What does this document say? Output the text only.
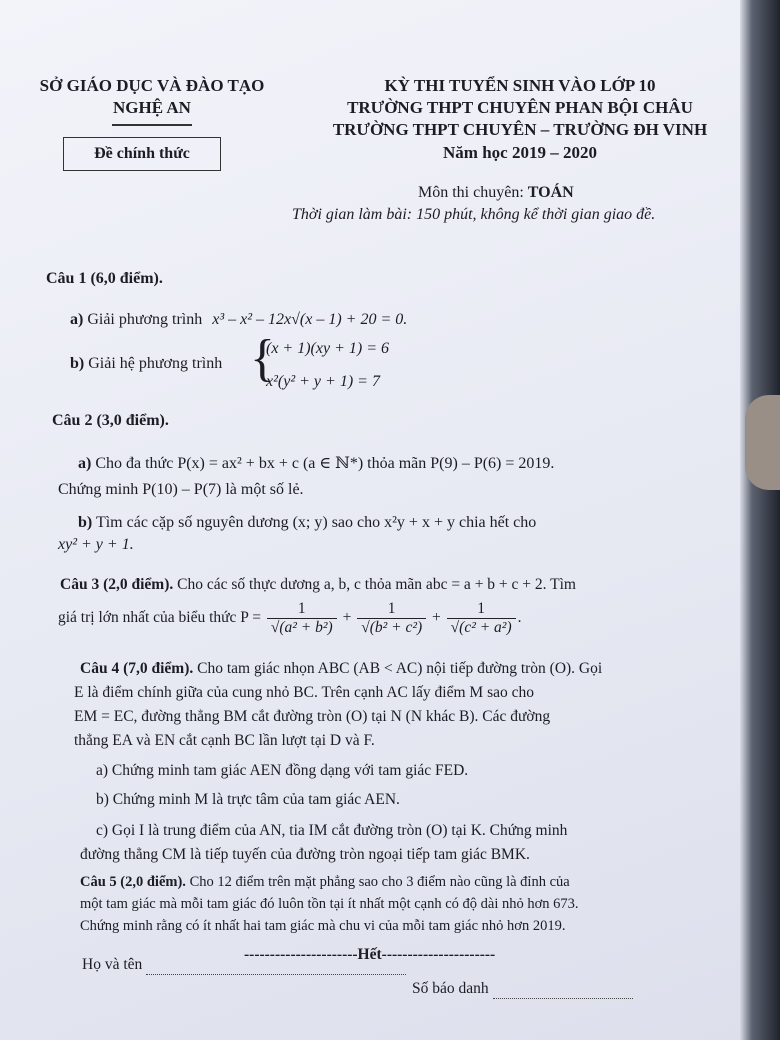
SỞ GIÁO DỤC VÀ ĐÀO TẠO
NGHỆ AN
Đề chính thức
KỲ THI TUYỂN SINH VÀO LỚP 10
TRƯỜNG THPT CHUYÊN PHAN BỘI CHÂU
TRƯỜNG THPT CHUYÊN – TRƯỜNG ĐH VINH
Năm học 2019 – 2020
Môn thi chuyên: TOÁN
Thời gian làm bài: 150 phút, không kể thời gian giao đề.
Câu 1 (6,0 điểm).
a) Giải phương trình x³ – x² – 12x√(x – 1) + 20 = 0.
b) Giải hệ phương trình {
(x + 1)(xy + 1) = 6
x²(y² + y + 1) = 7
Câu 2 (3,0 điểm).
a) Cho đa thức P(x) = ax² + bx + c (a ∈ ℕ*) thỏa mãn P(9) – P(6) = 2019.
Chứng minh P(10) – P(7) là một số lẻ.
b) Tìm các cặp số nguyên dương (x; y) sao cho x²y + x + y chia hết cho
xy² + y + 1.
Câu 3 (2,0 điểm). Cho các số thực dương a, b, c thỏa mãn abc = a + b + c + 2. Tìm
giá trị lớn nhất của biểu thức $P = \frac{1}{\text{√(a² + b²)}} + \frac{1}{\text{√(b² + c²)}} + \frac{1}{\text{√(c² + a²)}}$ .
Câu 4 (7,0 điểm). Cho tam giác nhọn ABC (AB < AC) nội tiếp đường tròn (O). Gọi
E là điểm chính giữa của cung nhỏ BC. Trên cạnh AC lấy điểm M sao cho
EM = EC, đường thẳng BM cắt đường tròn (O) tại N (N khác B). Các đường
thẳng EA và EN cắt cạnh BC lần lượt tại D và F.
a) Chứng minh tam giác AEN đồng dạng với tam giác FED.
b) Chứng minh M là trực tâm của tam giác AEN.
c) Gọi I là trung điểm của AN, tia IM cắt đường tròn (O) tại K. Chứng minh
đường thẳng CM là tiếp tuyến của đường tròn ngoại tiếp tam giác BMK.
Câu 5 (2,0 điểm). Cho 12 điểm trên mặt phẳng sao cho 3 điểm nào cũng là đỉnh của
một tam giác mà mỗi tam giác đó luôn tồn tại ít nhất một cạnh có độ dài nhỏ hơn 673.
Chứng minh rằng có ít nhất hai tam giác mà chu vi của mỗi tam giác nhỏ hơn 2019.
----------------------Hết----------------------
Họ và tên
Số báo danh
